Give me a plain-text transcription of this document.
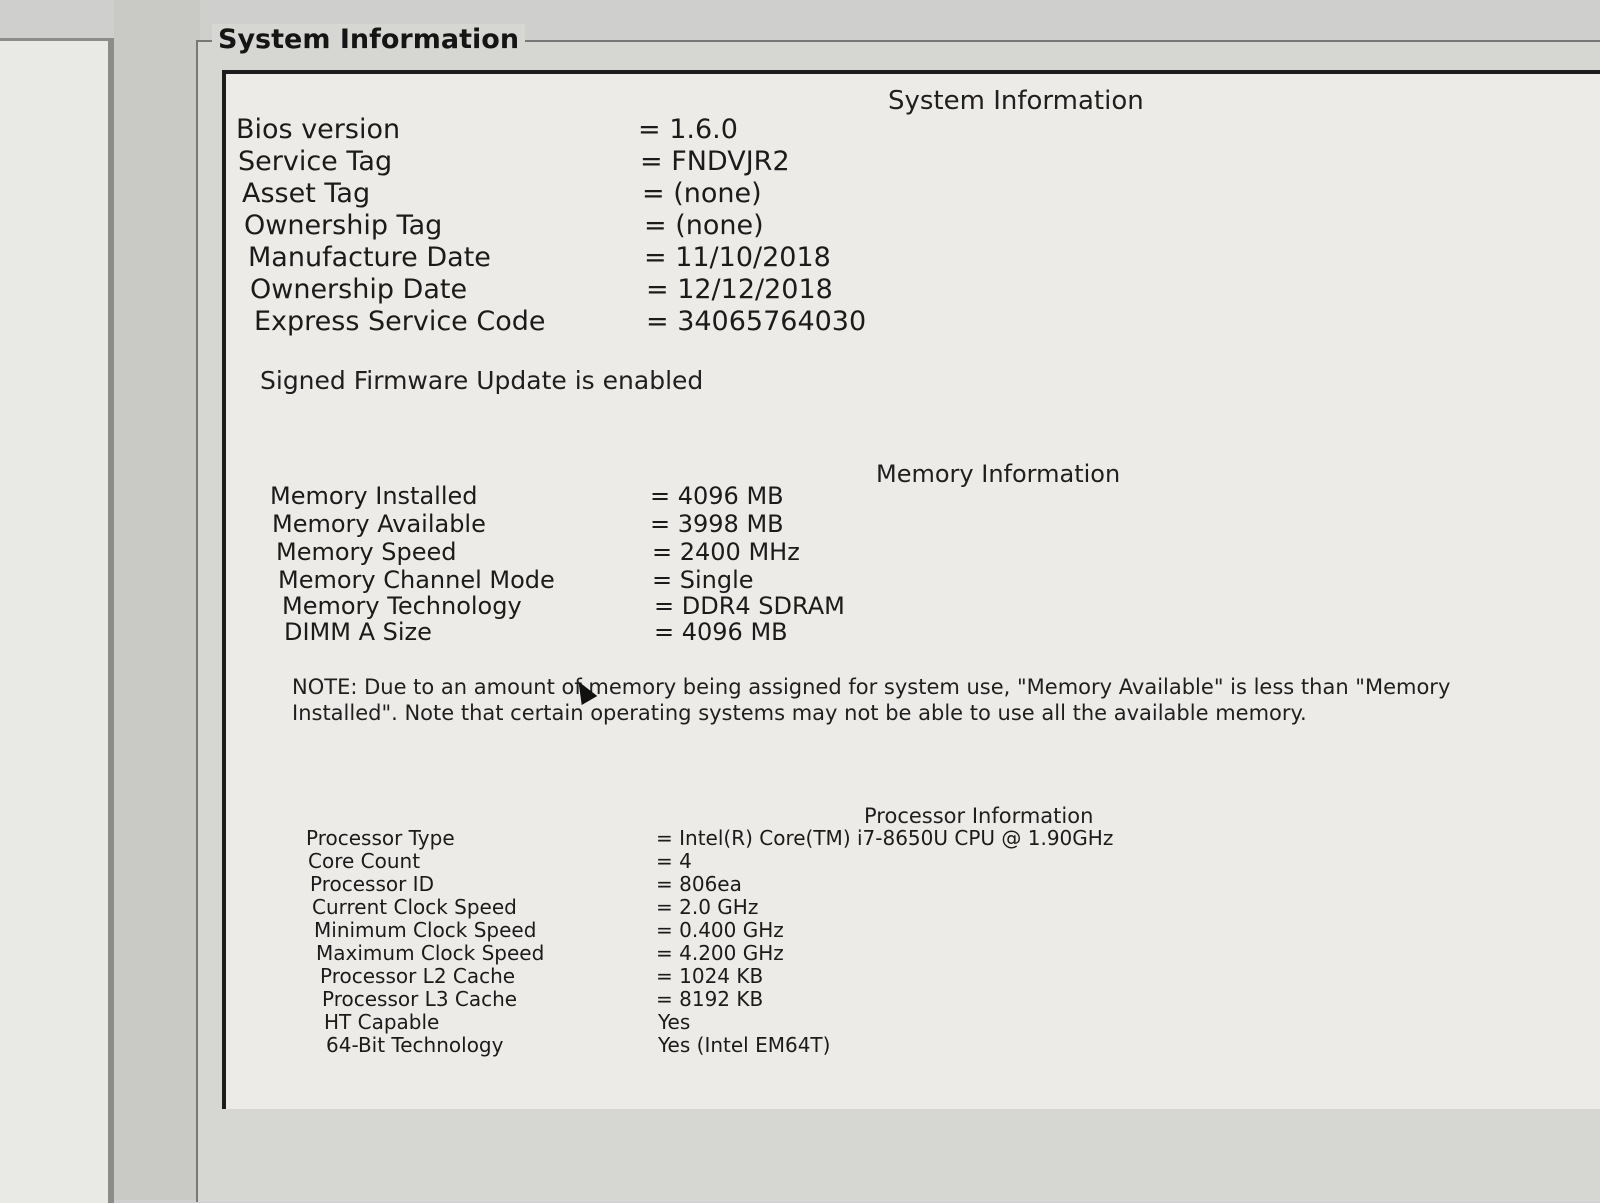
System Information
System Information
Bios version	= 1.6.0
Service Tag	= FNDVJR2
Asset Tag	= (none)
Ownership Tag	= (none)
Manufacture Date	= 11/10/2018
Ownership Date	= 12/12/2018
Express Service Code	= 34065764030
Signed Firmware Update is enabled
Memory Information
Memory Installed	= 4096 MB
Memory Available	= 3998 MB
Memory Speed	= 2400 MHz
Memory Channel Mode	= Single
Memory Technology	= DDR4 SDRAM
DIMM A Size	= 4096 MB
NOTE: Due to an amount of memory being assigned for system use, "Memory Available" is less than "Memory Installed". Note that certain operating systems may not be able to use all the available memory.
Processor Information
Processor Type	= Intel(R) Core(TM) i7-8650U CPU @ 1.90GHz
Core Count	= 4
Processor ID	= 806ea
Current Clock Speed	= 2.0 GHz
Minimum Clock Speed	= 0.400 GHz
Maximum Clock Speed	= 4.200 GHz
Processor L2 Cache	= 1024 KB
Processor L3 Cache	= 8192 KB
HT Capable	Yes
64-Bit Technology	Yes (Intel EM64T)
